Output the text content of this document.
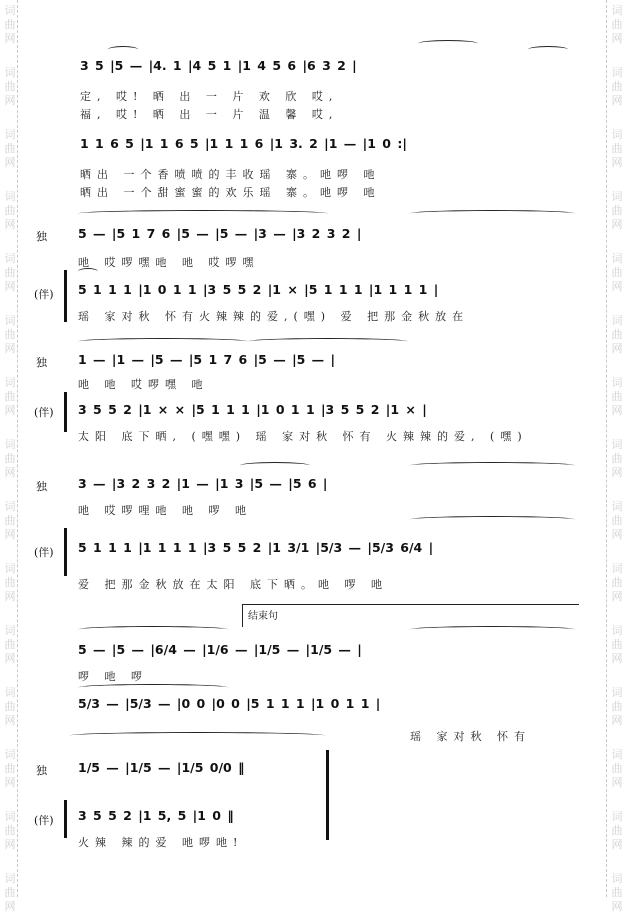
词
曲
网
词
曲
网
词
曲
网
词
曲
网
词
曲
网
词
曲
网
词
曲
网
词
曲
网
词
曲
网
词
曲
网
词
曲
网
词
曲
网
词
曲
网
词
曲
网
词
曲
网
词
曲
网
词
曲
网
词
曲
网
词
曲
网
词
曲
网
词
曲
网
词
曲
网
词
曲
网
词
曲
网
词
曲
网
词
曲
网
词
曲
网
词
曲
网
词
曲
网
词
曲
网
3 5 |5 — |4. 1 |4 5 1 |1 4 5 6 |6 3 2 |
定, 哎! 晒 出 一 片 欢 欣 哎,
福, 哎! 晒 出 一 片 温 馨 哎,
1 1 6 5 |1 1 6 5 |1 1 1 6 |1 3. 2 |1 — |1 0 :|
晒出 一个香喷喷的丰收瑶 寨。吔啰 吔
晒出 一个甜蜜蜜的欢乐瑶 寨。吔啰 吔
独
(伴)
5 — |5 1 7 6 |5 — |5 — |3 — |3 2 3 2 |
吔 哎啰嘿吔 吔 哎啰嘿
5 1 1 1 |1 0 1 1 |3 5 5 2 |1 × |5 1 1 1 |1 1 1 1 |
瑶 家对秋 怀有火辣辣的爱,(嘿) 爱 把那金秋放在
独
(伴)
1 — |1 — |5 — |5 1 7 6 |5 — |5 — |
吔 吔 哎啰嘿 吔
3 5 5 2 |1 × × |5 1 1 1 |1 0 1 1 |3 5 5 2 |1 × |
太阳 底下晒, (嘿嘿) 瑶 家对秋 怀有 火辣辣的爱, (嘿)
独
(伴)
3 — |3 2 3 2 |1 — |1 3 |5 — |5 6 |
吔 哎啰哩吔 吔 啰 吔
5 1 1 1 |1 1 1 1 |3 5 5 2 |1 3/1 |5/3 — |5/3 6/4 |
爱 把那金秋放在太阳 底下晒。吔 啰 吔
结束句
5 — |5 — |6/4 — |1/6 — |1/5 — |1/5 — |
啰 吔 啰
5/3 — |5/3 — |0 0 |0 0 |5 1 1 1 |1 0 1 1 |
瑶 家对秋 怀有
独
(伴)
1/5 — |1/5 — |1/5 0/0 ‖
3 5 5 2 |1 5, 5 |1 0 ‖
火辣 辣的爱 吔啰吔!
